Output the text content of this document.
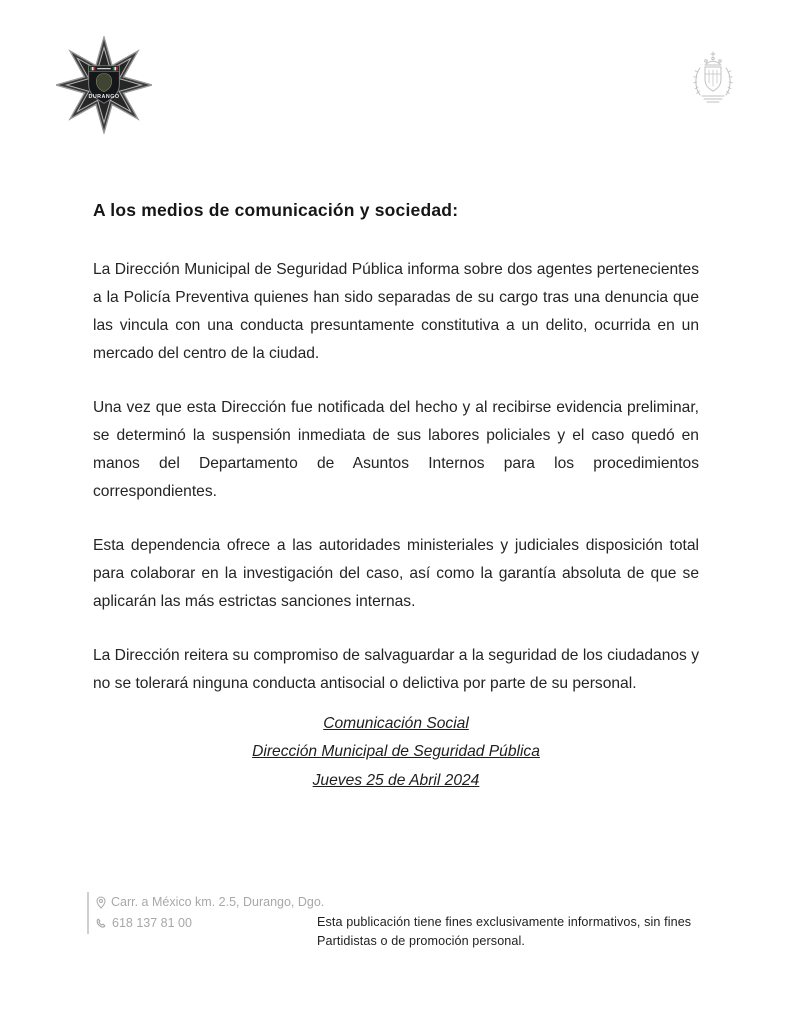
DURANGO
A los medios de comunicación y sociedad:

La Dirección Municipal de Seguridad Pública informa sobre dos agentes pertenecientes a la Policía Preventiva quienes han sido separadas de su cargo tras una denuncia que las vincula con una conducta presuntamente constitutiva a un delito, ocurrida en un mercado del centro de la ciudad.

Una vez que esta Dirección fue notificada del hecho y al recibirse evidencia preliminar, se determinó la suspensión inmediata de sus labores policiales y el caso quedó en manos del Departamento de Asuntos Internos para los procedimientos correspondientes.

Esta dependencia ofrece a las autoridades ministeriales y judiciales disposición total para colaborar en la investigación del caso, así como la garantía absoluta de que se aplicarán las más estrictas sanciones internas.

La Dirección reitera su compromiso de salvaguardar a la seguridad de los ciudadanos y no se tolerará ninguna conducta antisocial o delictiva por parte de su personal.

Comunicación Social
Dirección Municipal de Seguridad Pública
Jueves 25 de Abril 2024
Carr. a México km. 2.5, Durango, Dgo.
618 137 81 00	Esta publicación tiene fines exclusivamente informativos, sin fines
Partidistas o de promoción personal.
